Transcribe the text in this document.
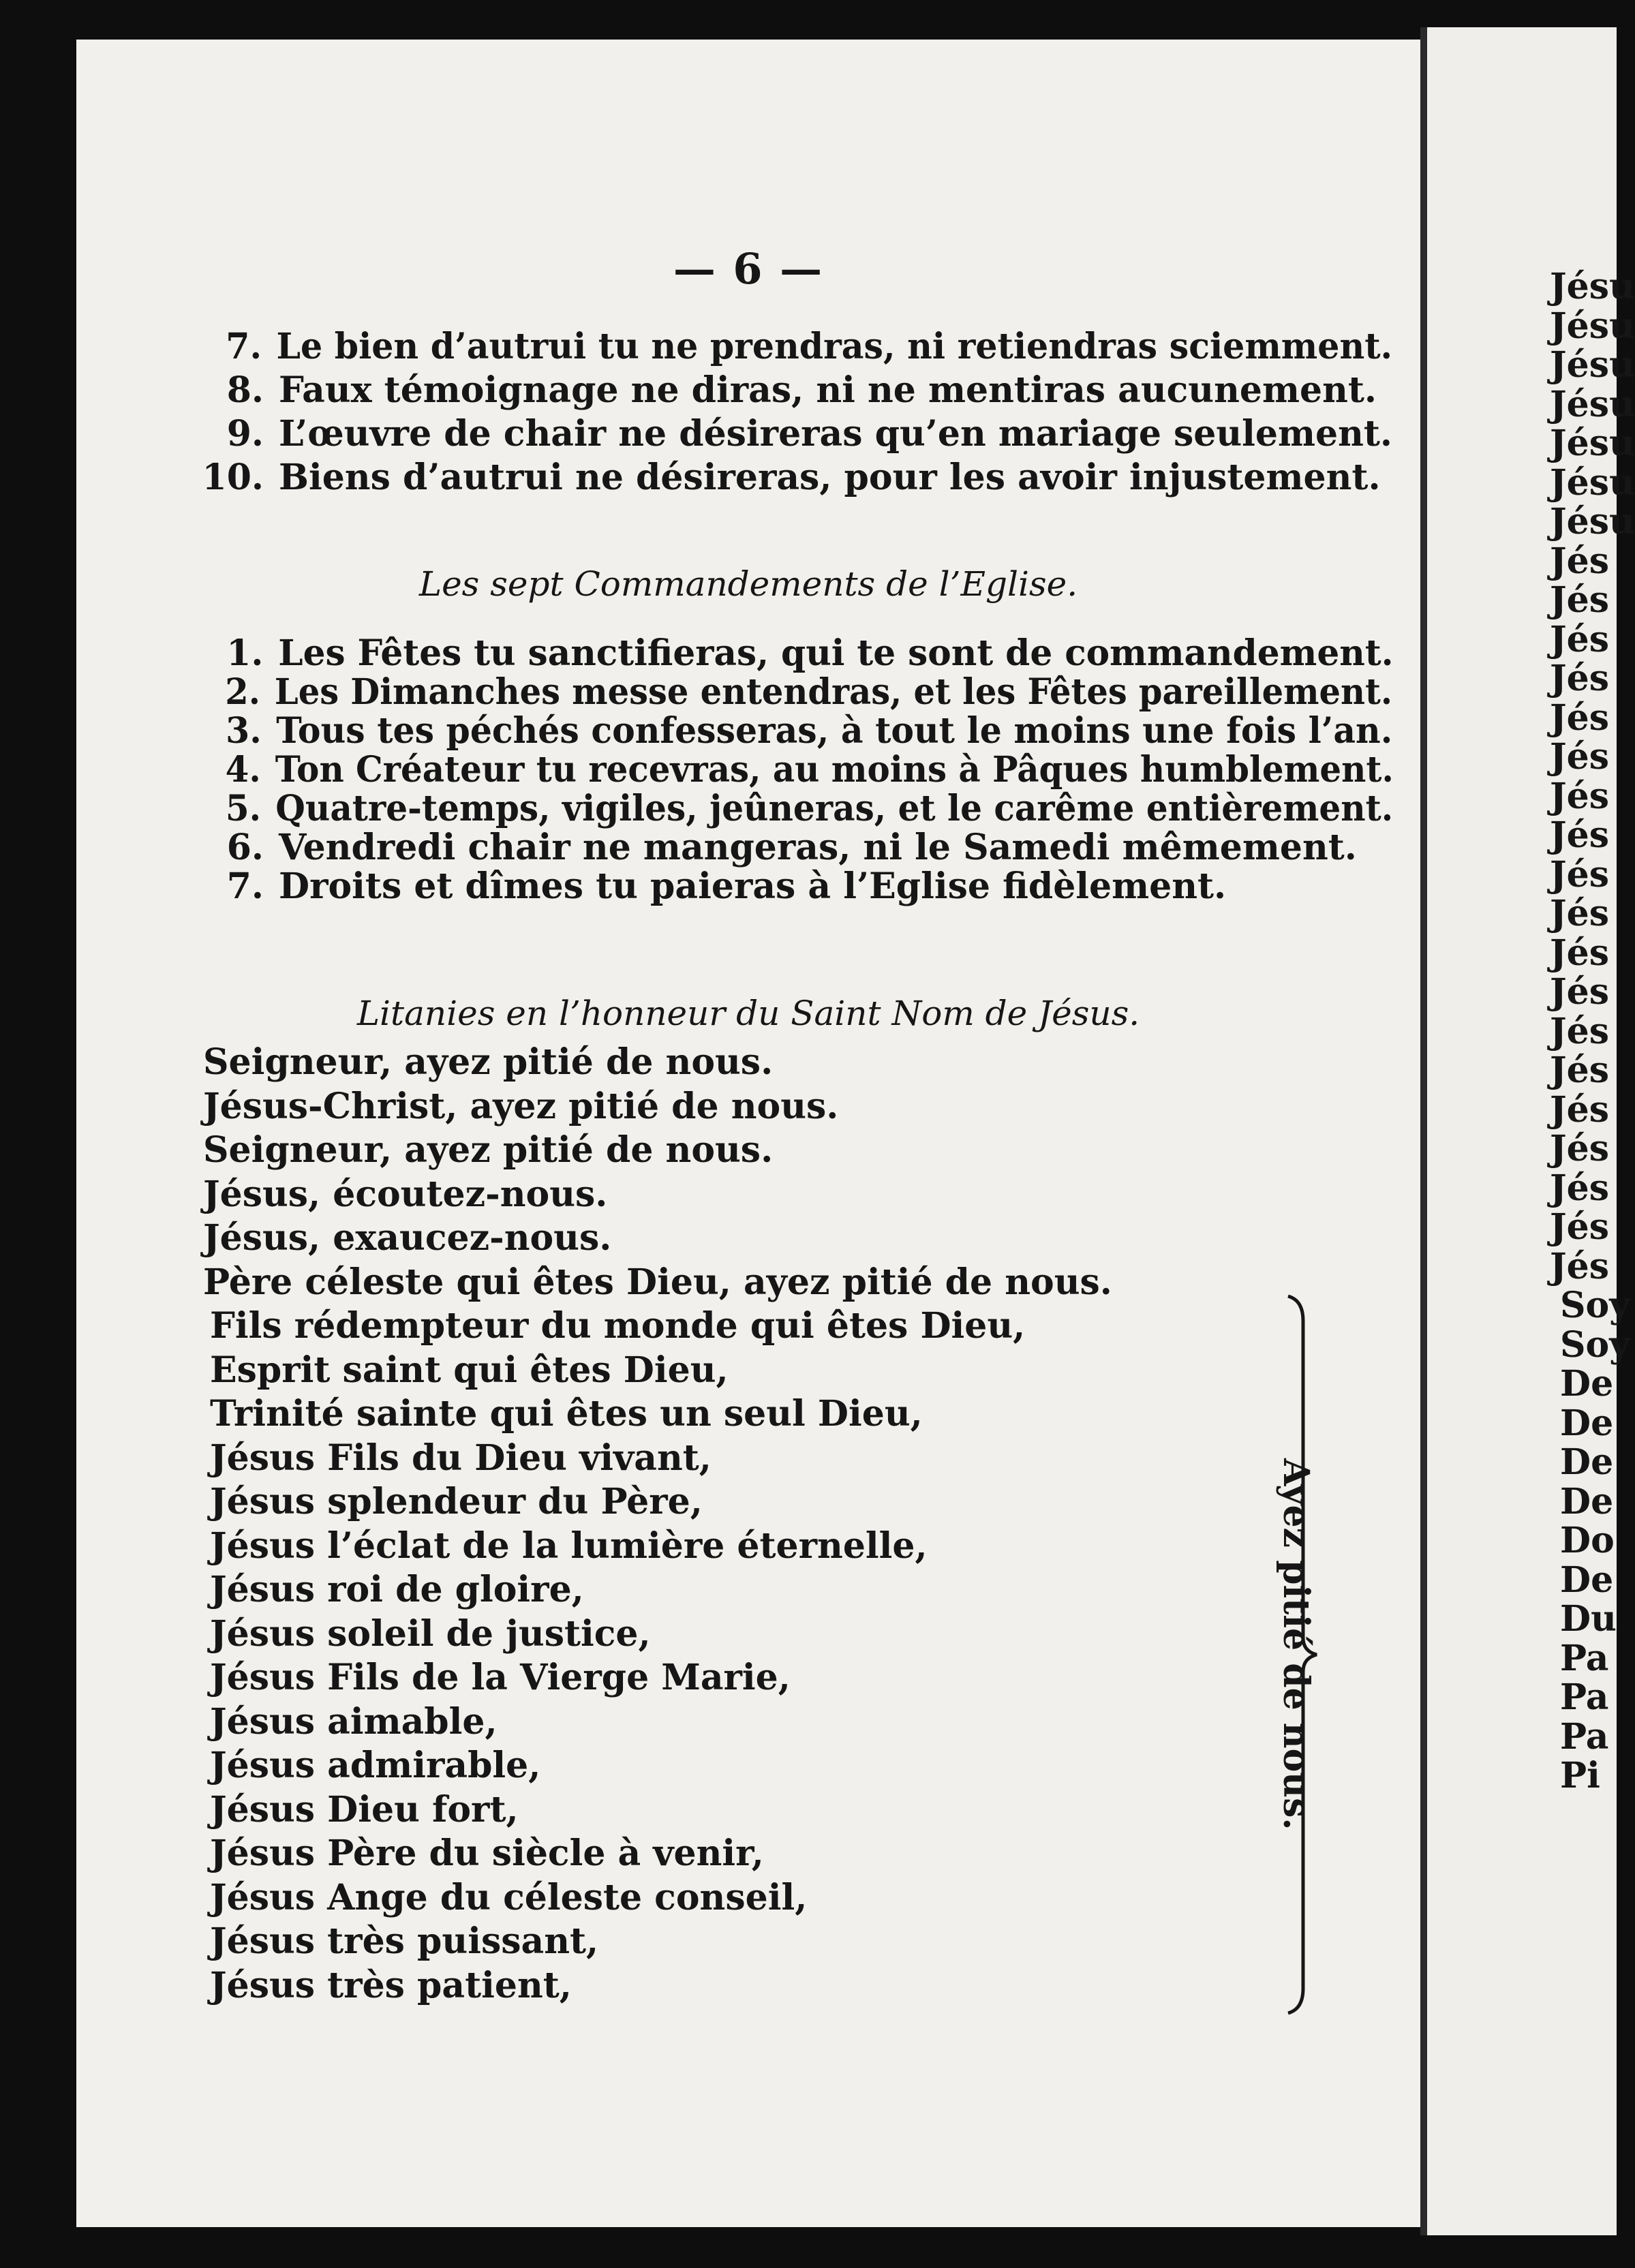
— 6 —
7. Le bien d’autrui tu ne prendras, ni retiendras sciemment.
8. Faux témoignage ne diras, ni ne mentiras aucunement.
9. L’œuvre de chair ne désireras qu’en mariage seulement.
10. Biens d’autrui ne désireras, pour les avoir injustement.
Les sept Commandements de l’Eglise.
1. Les Fêtes tu sanctifieras, qui te sont de commandement.
2. Les Dimanches messe entendras, et les Fêtes pareillement.
3. Tous tes péchés confesseras, à tout le moins une fois l’an.
4. Ton Créateur tu recevras, au moins à Pâques humblement.
5. Quatre-temps, vigiles, jeûneras, et le carême entièrement.
6. Vendredi chair ne mangeras, ni le Samedi mêmement.
7. Droits et dîmes tu paieras à l’Eglise fidèlement.
Litanies en l’honneur du Saint Nom de Jésus.
Seigneur, ayez pitié de nous.
Jésus-Christ, ayez pitié de nous.
Seigneur, ayez pitié de nous.
Jésus, écoutez-nous.
Jésus, exaucez-nous.
Père céleste qui êtes Dieu, ayez pitié de nous.
Fils rédempteur du monde qui êtes Dieu,
Esprit saint qui êtes Dieu,
Trinité sainte qui êtes un seul Dieu,
Jésus Fils du Dieu vivant,
Jésus splendeur du Père,
Jésus l’éclat de la lumière éternelle,
Jésus roi de gloire,
Jésus soleil de justice,
Jésus Fils de la Vierge Marie,
Jésus aimable,
Jésus admirable,
Jésus Dieu fort,
Jésus Père du siècle à venir,
Jésus Ange du céleste conseil,
Jésus très puissant,
Jésus très patient,
Ayez pitié de nous.
Jésu
Jésu
Jésu
Jésu
Jésu
Jésu
Jésu
Jés
Jés
Jés
Jés
Jés
Jés
Jés
Jés
Jés
Jés
Jés
Jés
Jés
Jés
Jés
Jés
Jés
Jés
Jés
Soy
Soy
De
De
De
De
Do
De
Du
Pa
Pa
Pa
Pi
